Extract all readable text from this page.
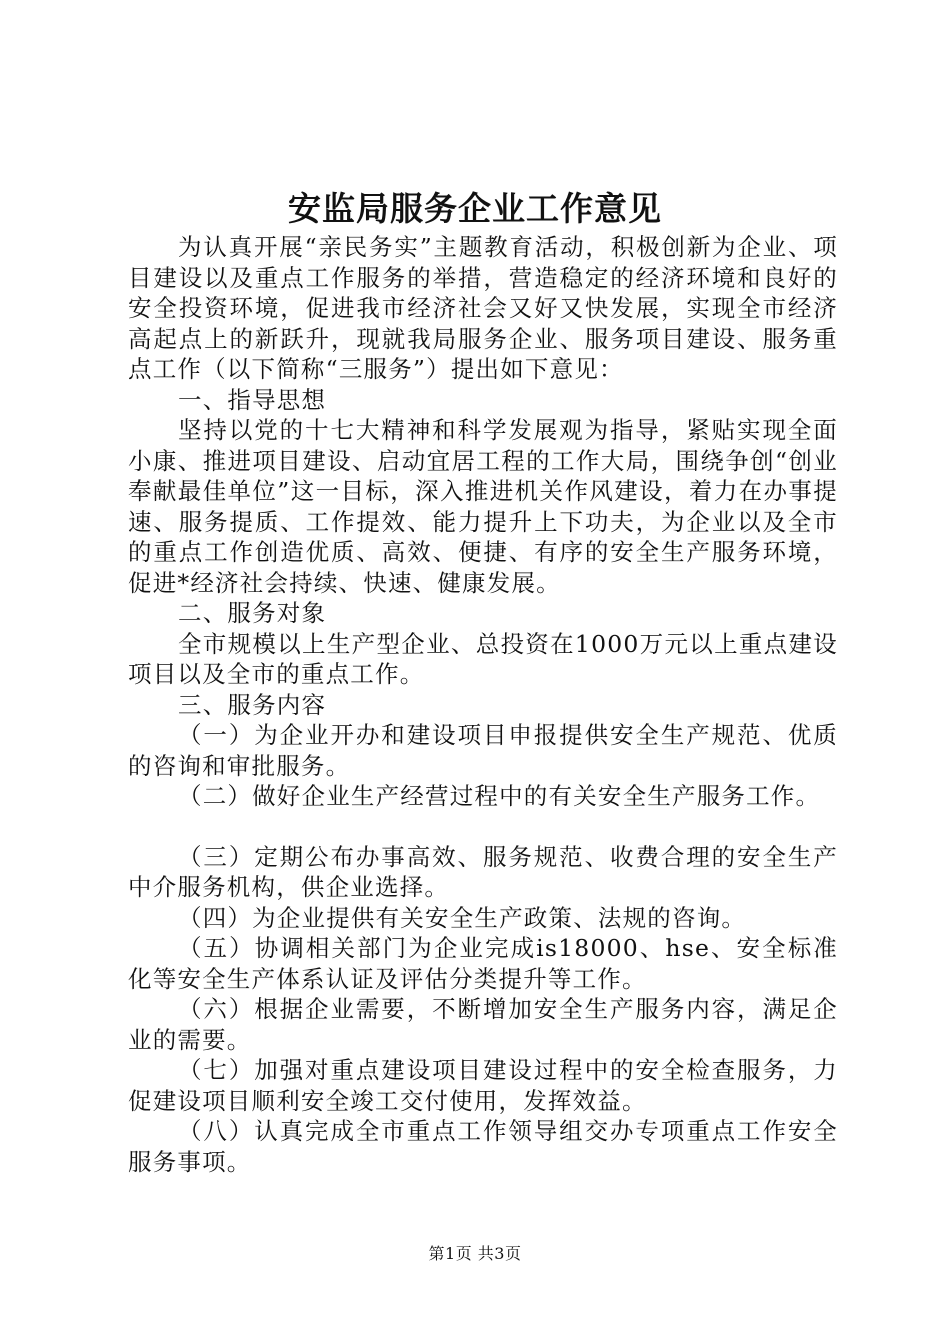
安监局服务企业工作意见

为认真开展“亲民务实”主题教育活动，积极创新为企业、项目建设以及重点工作服务的举措，营造稳定的经济环境和良好的安全投资环境，促进我市经济社会又好又快发展，实现全市经济高起点上的新跃升，现就我局服务企业、服务项目建设、服务重点工作（以下简称“三服务”）提出如下意见：

一、指导思想

坚持以党的十七大精神和科学发展观为指导，紧贴实现全面小康、推进项目建设、启动宜居工程的工作大局，围绕争创“创业奉献最佳单位”这一目标，深入推进机关作风建设，着力在办事提速、服务提质、工作提效、能力提升上下功夫，为企业以及全市的重点工作创造优质、高效、便捷、有序的安全生产服务环境，促进*经济社会持续、快速、健康发展。

二、服务对象

全市规模以上生产型企业、总投资在1000万元以上重点建设项目以及全市的重点工作。

三、服务内容

（一）为企业开办和建设项目申报提供安全生产规范、优质的咨询和审批服务。

（二）做好企业生产经营过程中的有关安全生产服务工作。

（三）定期公布办事高效、服务规范、收费合理的安全生产中介服务机构，供企业选择。

（四）为企业提供有关安全生产政策、法规的咨询。

（五）协调相关部门为企业完成is18000、hse、安全标准化等安全生产体系认证及评估分类提升等工作。

（六）根据企业需要，不断增加安全生产服务内容，满足企业的需要。

（七）加强对重点建设项目建设过程中的安全检查服务，力促建设项目顺利安全竣工交付使用，发挥效益。

（八）认真完成全市重点工作领导组交办专项重点工作安全服务事项。

第1页 共3页
